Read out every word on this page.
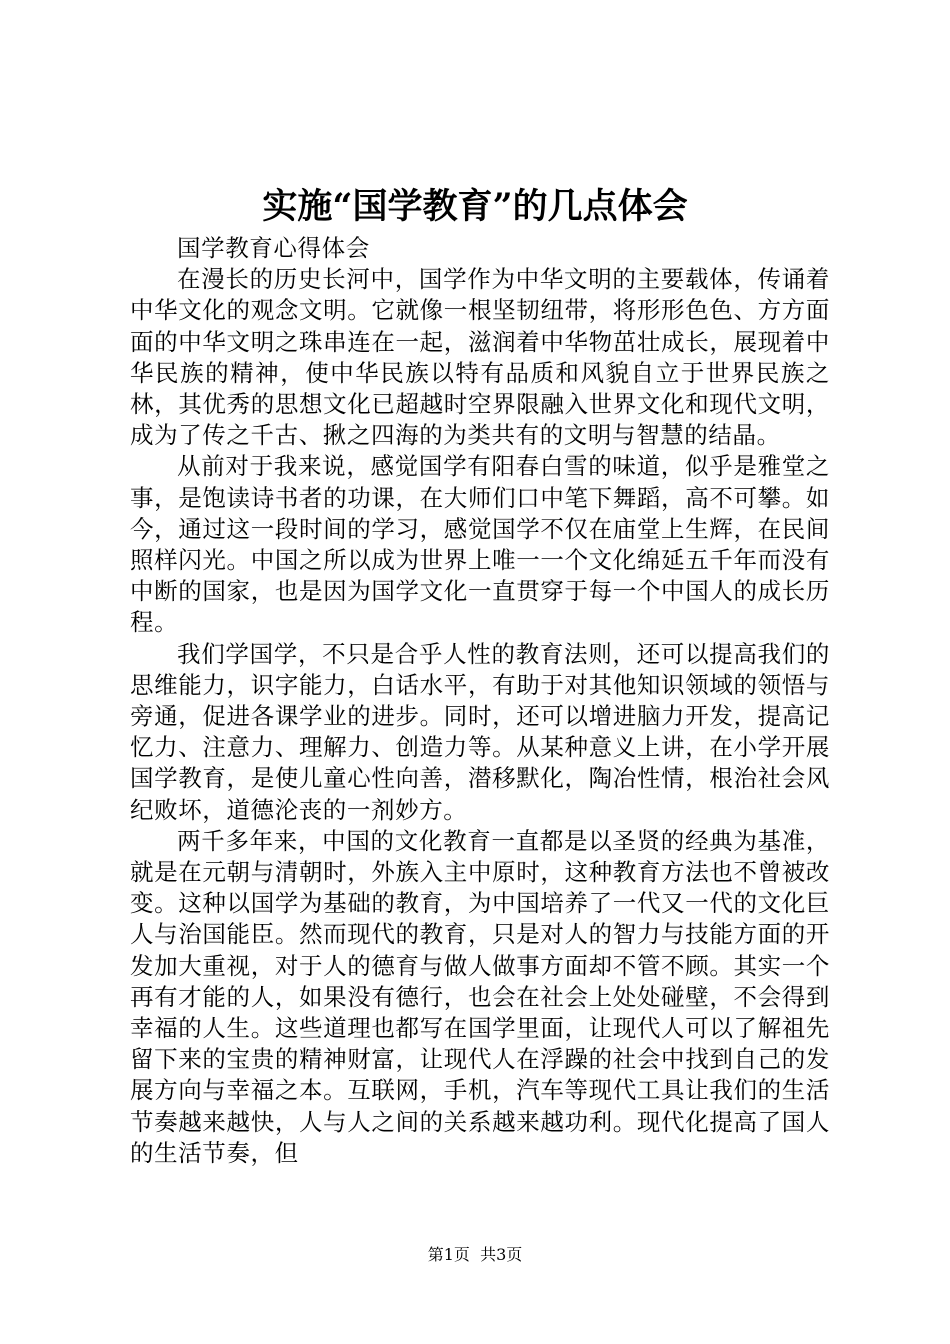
实施“国学教育”的几点体会

国学教育心得体会

在漫长的历史长河中，国学作为中华文明的主要载体，传诵着中华文化的观念文明。它就像一根坚韧纽带，将形形色色、方方面面的中华文明之珠串连在一起，滋润着中华物茁壮成长，展现着中华民族的精神，使中华民族以特有品质和风貌自立于世界民族之林，其优秀的思想文化已超越时空界限融入世界文化和现代文明，成为了传之千古、揪之四海的为类共有的文明与智慧的结晶。

从前对于我来说，感觉国学有阳春白雪的味道，似乎是雅堂之事，是饱读诗书者的功课，在大师们口中笔下舞蹈，高不可攀。如今，通过这一段时间的学习，感觉国学不仅在庙堂上生辉，在民间照样闪光。中国之所以成为世界上唯一一个文化绵延五千年而没有中断的国家，也是因为国学文化一直贯穿于每一个中国人的成长历程。

我们学国学，不只是合乎人性的教育法则，还可以提高我们的思维能力，识字能力，白话水平，有助于对其他知识领域的领悟与旁通，促进各课学业的进步。同时，还可以增进脑力开发，提高记忆力、注意力、理解力、创造力等。从某种意义上讲，在小学开展国学教育，是使儿童心性向善，潜移默化，陶冶性情，根治社会风纪败坏，道德沦丧的一剂妙方。

两千多年来，中国的文化教育一直都是以圣贤的经典为基准，就是在元朝与清朝时，外族入主中原时，这种教育方法也不曾被改变。这种以国学为基础的教育，为中国培养了一代又一代的文化巨人与治国能臣。然而现代的教育，只是对人的智力与技能方面的开发加大重视，对于人的德育与做人做事方面却不管不顾。其实一个再有才能的人，如果没有德行，也会在社会上处处碰壁，不会得到幸福的人生。这些道理也都写在国学里面，让现代人可以了解祖先留下来的宝贵的精神财富，让现代人在浮躁的社会中找到自己的发展方向与幸福之本。互联网，手机，汽车等现代工具让我们的生活节奏越来越快，人与人之间的关系越来越功利。现代化提高了国人的生活节奏，但

第1页  共3页
